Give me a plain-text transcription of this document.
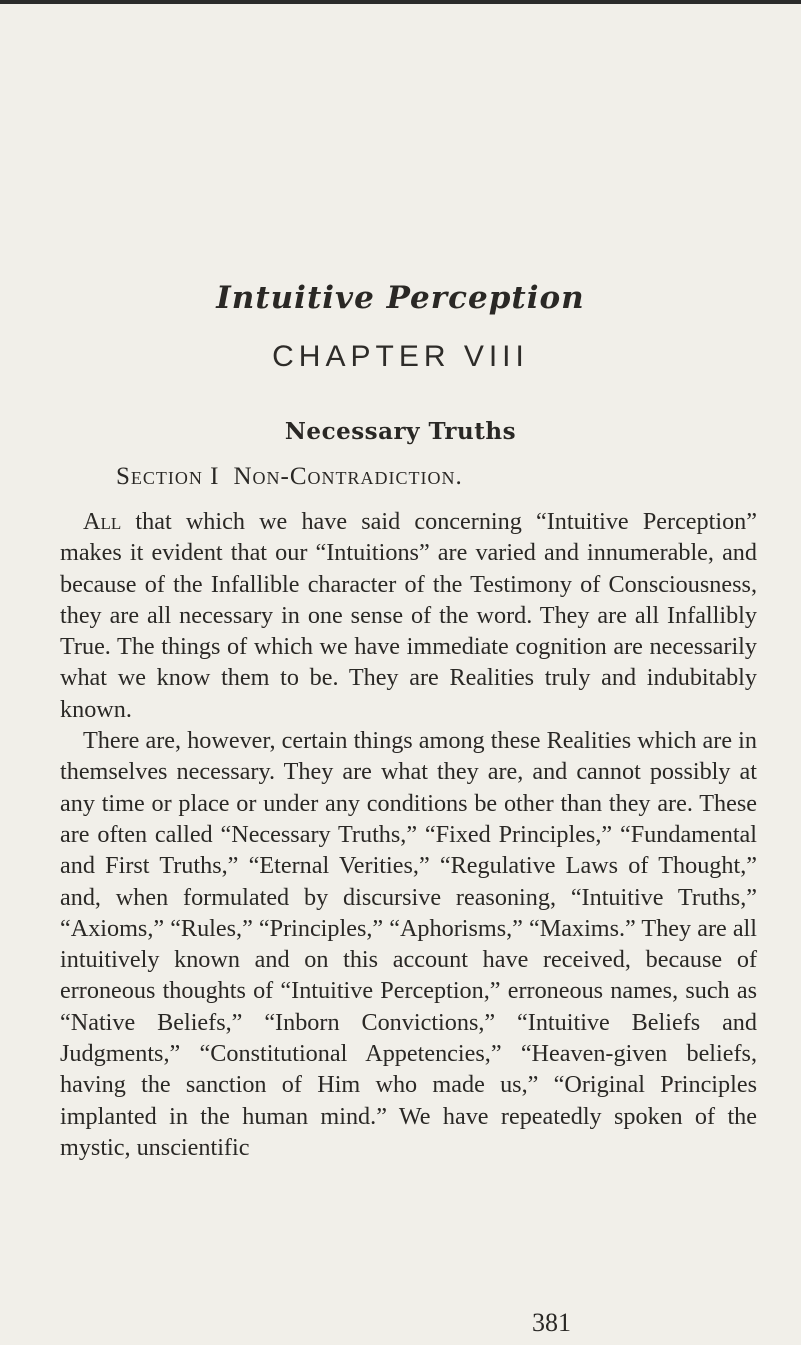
Intuitive Perception
CHAPTER VIII
Necessary Truths
Section I Non-Contradiction.

All that which we have said concerning “Intuitive Perception” makes it evident that our “Intuitions” are varied and innumerable, and because of the Infallible character of the Testimony of Consciousness, they are all necessary in one sense of the word. They are all Infallibly True. The things of which we have immediate cognition are necessarily what we know them to be. They are Realities truly and indubitably known.

There are, however, certain things among these Realities which are in themselves necessary. They are what they are, and cannot possibly at any time or place or under any conditions be other than they are. These are often called “Necessary Truths,” “Fixed Principles,” “Fundamental and First Truths,” “Eternal Verities,” “Regulative Laws of Thought,” and, when formulated by discursive reasoning, “Intuitive Truths,” “Axioms,” “Rules,” “Principles,” “Aphorisms,” “Maxims.” They are all intuitively known and on this account have received, because of erroneous thoughts of “Intuitive Perception,” erroneous names, such as “Native Beliefs,” “Inborn Convictions,” “Intuitive Beliefs and Judgments,” “Constitutional Appetencies,” “Heaven-given beliefs, having the sanction of Him who made us,” “Original Principles implanted in the human mind.” We have repeatedly spoken of the mystic, unscientific

381
